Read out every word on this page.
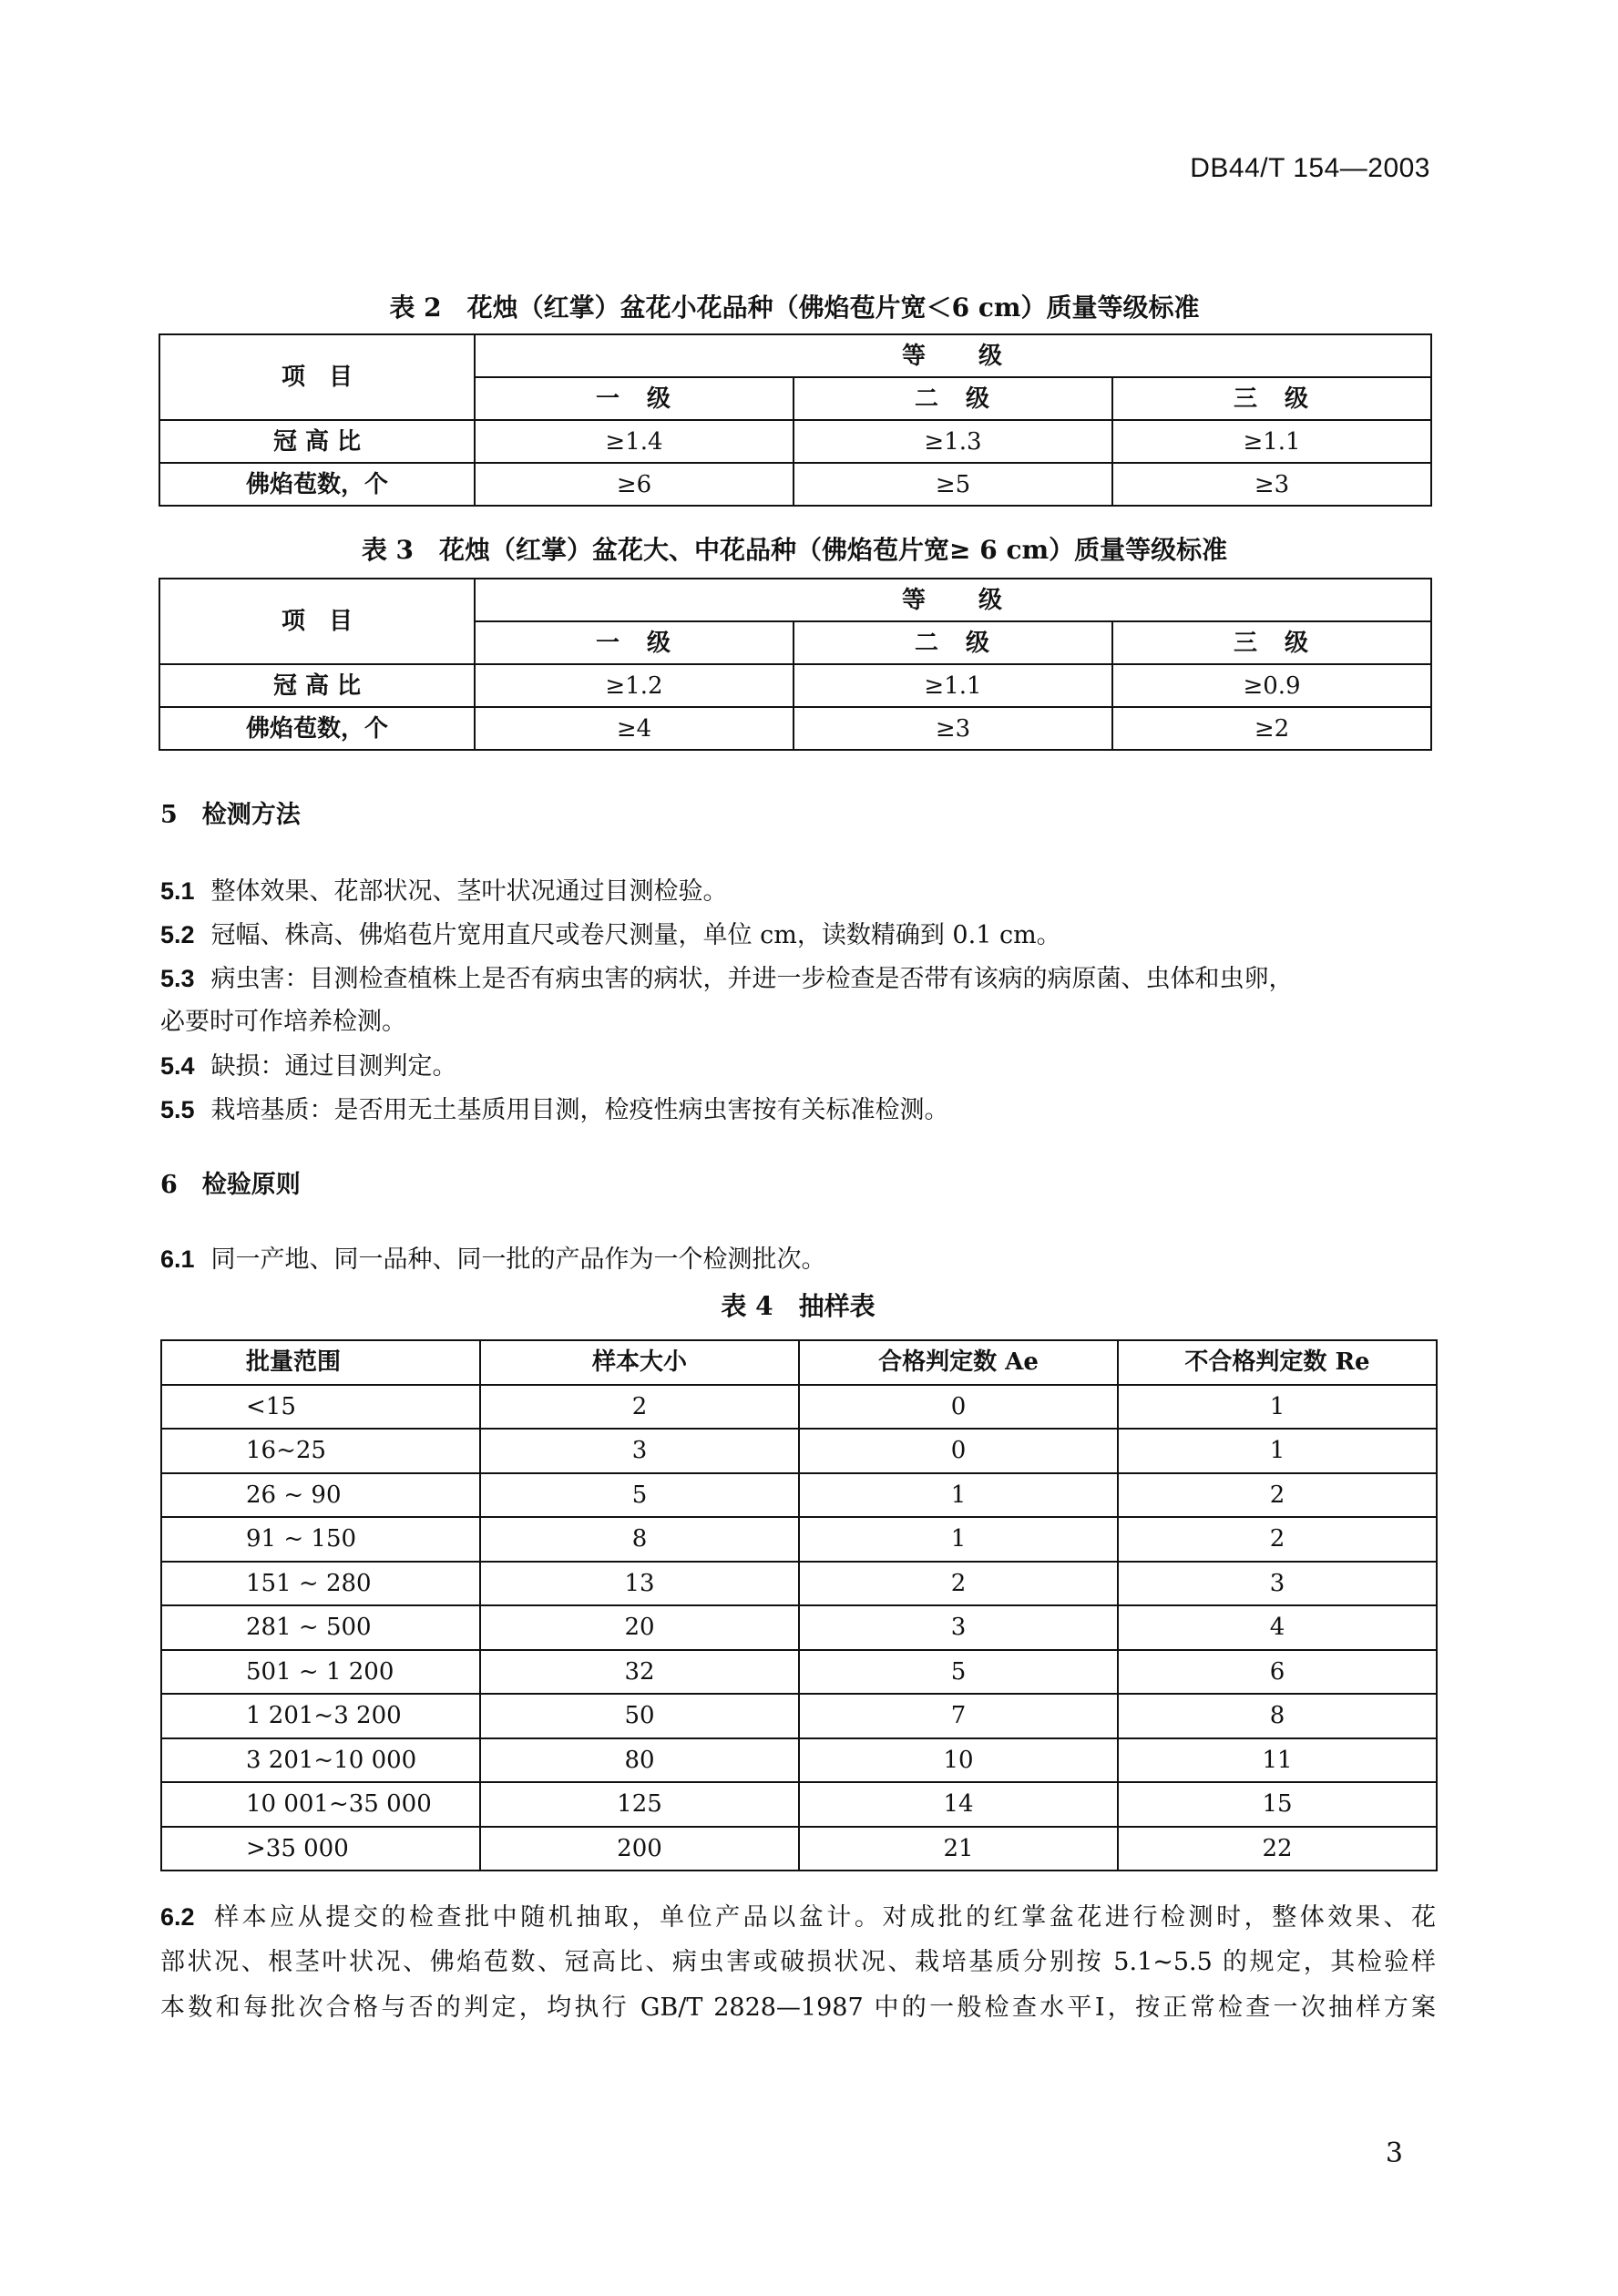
DB44/T 154—2003
表 2　花烛（红掌）盆花小花品种（佛焰苞片宽＜6 cm）质量等级标准
项　目	等　　级		
	一　级	二　级	三　级
冠 高 比	≥1.4	≥1.3	≥1.1
佛焰苞数，个	≥6	≥5	≥3
表 3　花烛（红掌）盆花大、中花品种（佛焰苞片宽≥ 6 cm）质量等级标准
项　目	等　　级		
	一　级	二　级	三　级
冠 高 比	≥1.2	≥1.1	≥0.9
佛焰苞数，个	≥4	≥3	≥2
5　检测方法
5.1 整体效果、花部状况、茎叶状况通过目测检验。
5.2 冠幅、株高、佛焰苞片宽用直尺或卷尺测量，单位 cm，读数精确到 0.1 cm。
5.3 病虫害：目测检查植株上是否有病虫害的病状，并进一步检查是否带有该病的病原菌、虫体和虫卵，
必要时可作培养检测。
5.4 缺损：通过目测判定。
5.5 栽培基质：是否用无土基质用目测，检疫性病虫害按有关标准检测。
6　检验原则
6.1 同一产地、同一品种、同一批的产品作为一个检测批次。
表 4　抽样表
批量范围	样本大小	合格判定数 Ae	不合格判定数 Re
<15	2	0	1
16~25	3	0	1
26 ~ 90	5	1	2
91 ~ 150	8	1	2
151 ~ 280	13	2	3
281 ~ 500	20	3	4
501 ~ 1 200	32	5	6
1 201~3 200	50	7	8
3 201~10 000	80	10	11
10 001~35 000	125	14	15
>35 000	200	21	22
6.2 样本应从提交的检查批中随机抽取，单位产品以盆计。对成批的红掌盆花进行检测时，整体效果、花
部状况、根茎叶状况、佛焰苞数、冠高比、病虫害或破损状况、栽培基质分别按 5.1~5.5 的规定，其检验样
本数和每批次合格与否的判定，均执行 GB/T 2828—1987 中的一般检查水平Ⅰ，按正常检查一次抽样方案
3
